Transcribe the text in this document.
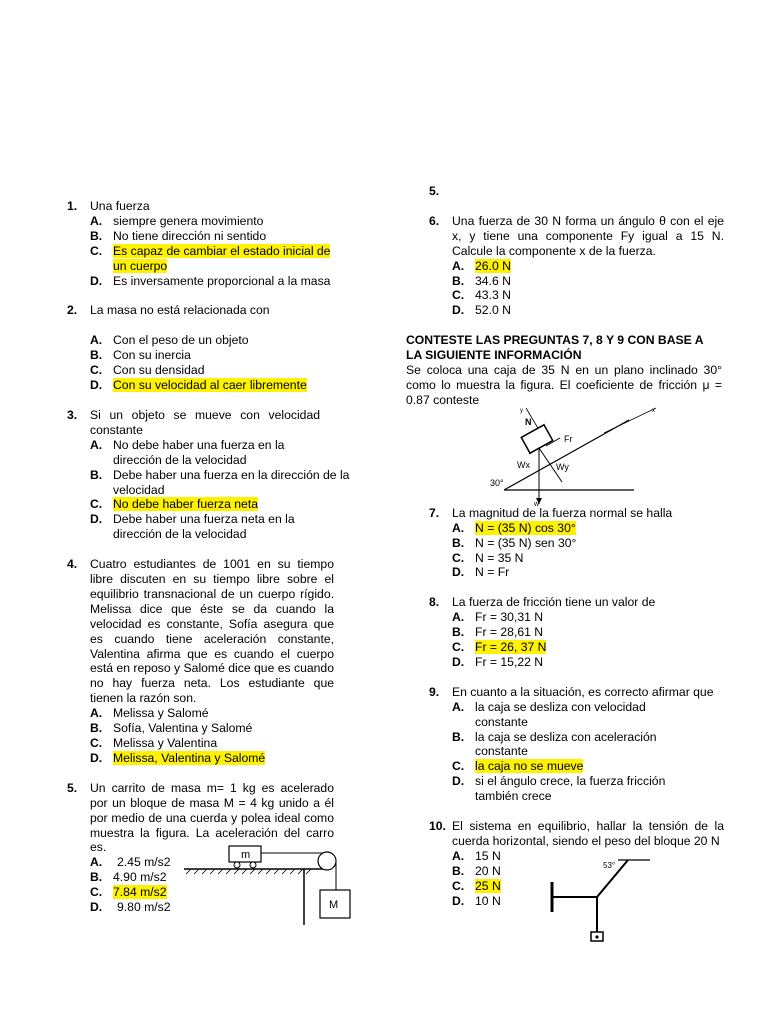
1. Una fuerza
A. siempre genera movimiento
B. No tiene dirección ni sentido
C. Es capaz de cambiar el estado inicial de un cuerpo
D. Es inversamente proporcional a la masa
2. La masa no está relacionada con
A. Con el peso de un objeto
B. Con su inercia
C. Con su densidad
D. Con su velocidad al caer libremente
3. Si un objeto se mueve con velocidad constante
A. No debe haber una fuerza en la dirección de la velocidad
B. Debe haber una fuerza en la dirección de la velocidad
C. No debe haber fuerza neta
D. Debe haber una fuerza neta en la dirección de la velocidad
4. Cuatro estudiantes de 1001 en su tiempo libre discuten en su tiempo libre sobre el equilibrio transnacional de un cuerpo rígido. Melissa dice que éste se da cuando la velocidad es constante, Sofía asegura que es cuando tiene aceleración constante, Valentina afirma que es cuando el cuerpo está en reposo y Salomé dice que es cuando no hay fuerza neta. Los estudiante que tienen la razón son.
A. Melissa y Salomé
B. Sofía, Valentina y Salomé
C. Melissa y Valentina
D. Melissa, Valentina y Salomé
5. Un carrito de masa m= 1 kg es acelerado por un bloque de masa M = 4 kg unido a él por medio de una cuerda y polea ideal como muestra la figura. La aceleración del carro es.
A. 2.45 m/s2
B. 4.90 m/s2
C. 7.84 m/s2
D. 9.80 m/s2
m
M
5.

6. Una fuerza de 30 N forma un ángulo θ con el eje x, y tiene una componente Fy igual a 15 N. Calcule la componente x de la fuerza.
A. 26.0 N
B. 34.6 N
C. 43.3 N
D. 52.0 N
CONTESTE LAS PREGUNTAS 7, 8 Y 9 CON BASE A LA SIGUIENTE INFORMACIÓN
Se coloca una caja de 35 N en un plano inclinado 30° como lo muestra la figura. El coeficiente de fricción μ = 0.87 conteste
x
y
N
Fr
Wx	Wy
30°
w
7. La magnitud de la fuerza normal se halla
A. N = (35 N) cos 30°
B. N = (35 N) sen 30°
C. N = 35 N
D. N = Fr
8. La fuerza de fricción tiene un valor de
A. Fr = 30,31 N
B. Fr = 28,61 N
C. Fr = 26, 37 N
D. Fr = 15,22 N
9. En cuanto a la situación, es correcto afirmar que
A. la caja se desliza con velocidad constante
B. la caja se desliza con aceleración constante
C. la caja no se mueve
D. si el ángulo crece, la fuerza fricción también crece
10. El sistema en equilibrio, hallar la tensión de la cuerda horizontal, siendo el peso del bloque 20 N
A. 15 N
B. 20 N
C. 25 N
D. 10 N
53°
